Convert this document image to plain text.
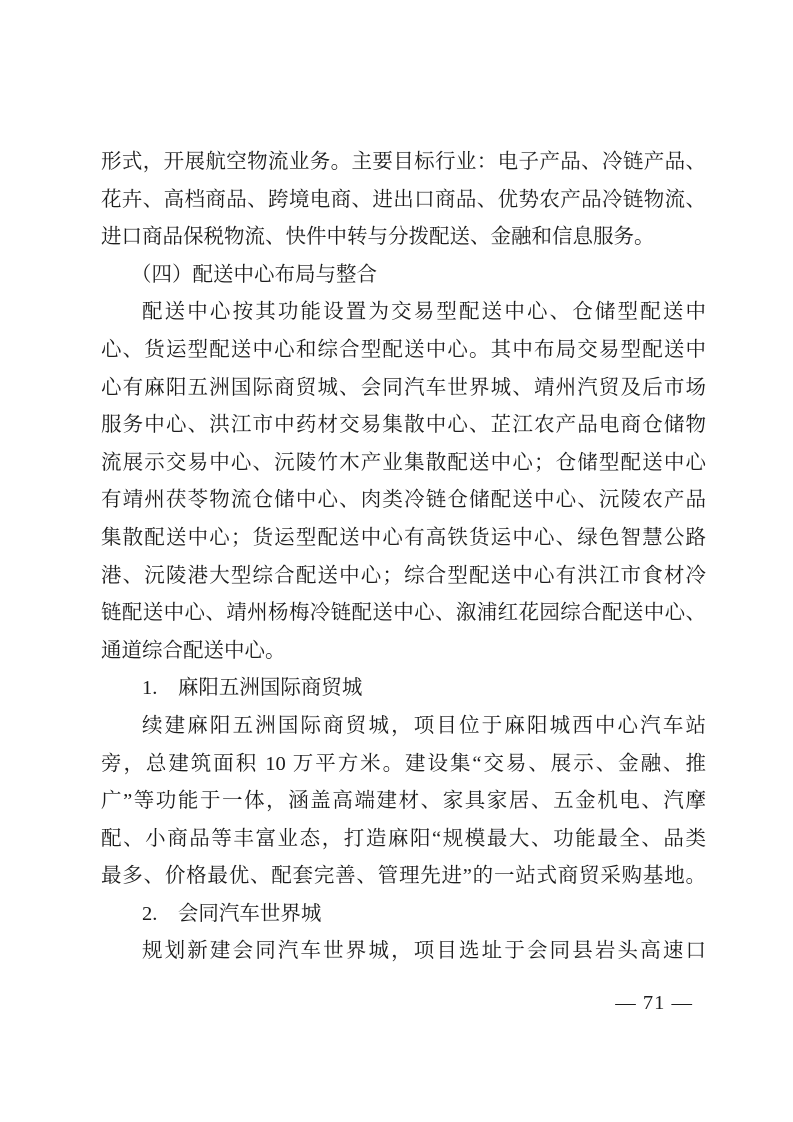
形式，开展航空物流业务。主要目标行业：电子产品、冷链产品、
花卉、高档商品、跨境电商、进出口商品、优势农产品冷链物流、
进口商品保税物流、快件中转与分拨配送、金融和信息服务。
（四）配送中心布局与整合
配送中心按其功能设置为交易型配送中心、仓储型配送中
心、货运型配送中心和综合型配送中心。其中布局交易型配送中
心有麻阳五洲国际商贸城、会同汽车世界城、靖州汽贸及后市场
服务中心、洪江市中药材交易集散中心、芷江农产品电商仓储物
流展示交易中心、沅陵竹木产业集散配送中心；仓储型配送中心
有靖州茯苓物流仓储中心、肉类冷链仓储配送中心、沅陵农产品
集散配送中心；货运型配送中心有高铁货运中心、绿色智慧公路
港、沅陵港大型综合配送中心；综合型配送中心有洪江市食材冷
链配送中心、靖州杨梅冷链配送中心、溆浦红花园综合配送中心、
通道综合配送中心。
1.　麻阳五洲国际商贸城
续建麻阳五洲国际商贸城，项目位于麻阳城西中心汽车站
旁，总建筑面积 10 万平方米。建设集“交易、展示、金融、推
广”等功能于一体，涵盖高端建材、家具家居、五金机电、汽摩
配、小商品等丰富业态，打造麻阳“规模最大、功能最全、品类
最多、价格最优、配套完善、管理先进”的一站式商贸采购基地。
2.　会同汽车世界城
规划新建会同汽车世界城，项目选址于会同县岩头高速口
— 71 —
